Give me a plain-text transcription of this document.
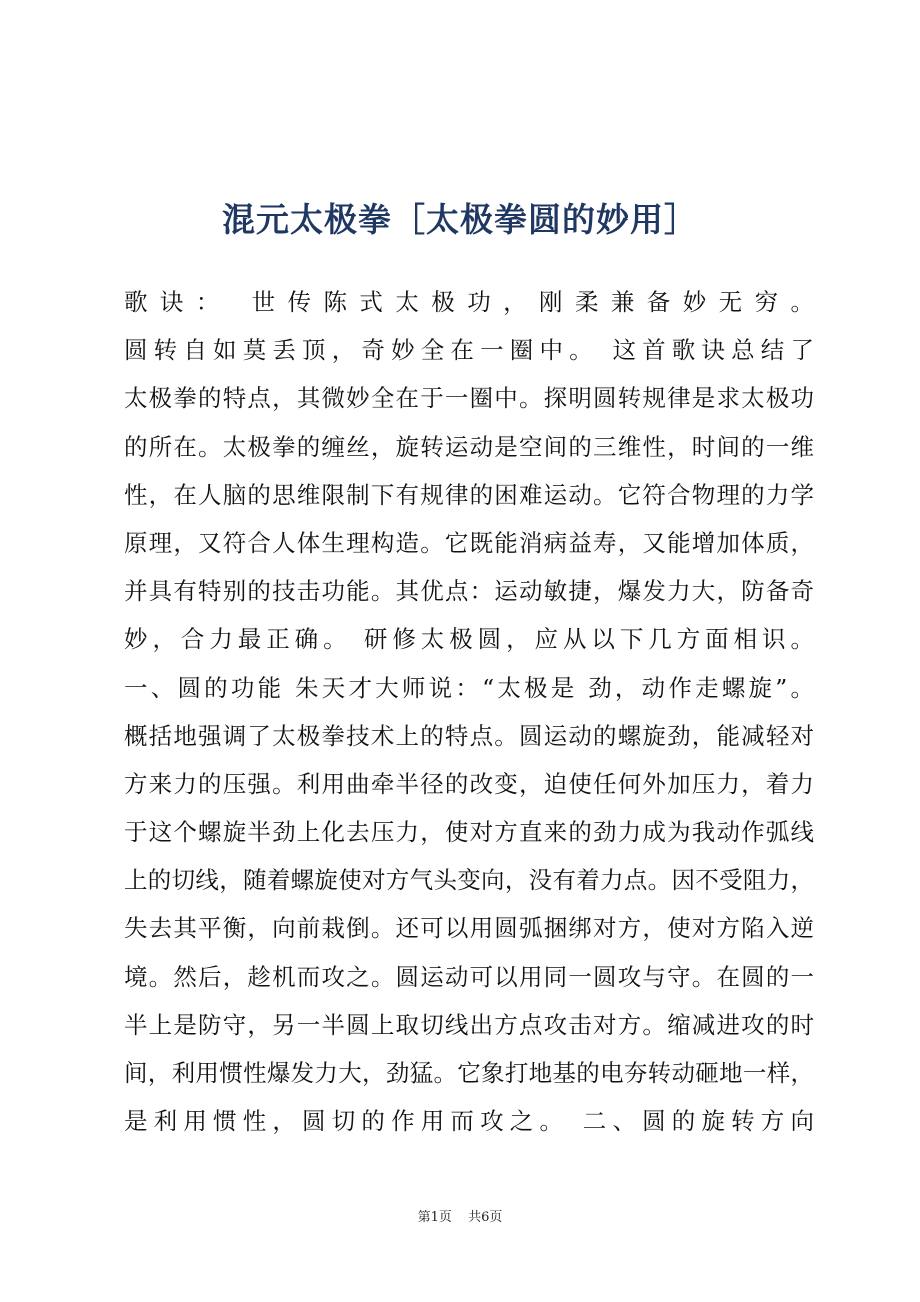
混元太极拳［太极拳圆的妙用］
歌诀： 世传陈式太极功，刚柔兼备妙无穷。
圆转自如莫丢顶，奇妙全在一圈中。 这首歌诀总结了
太极拳的特点，其微妙全在于一圈中。探明圆转规律是求太极功
的所在。太极拳的缠丝，旋转运动是空间的三维性，时间的一维
性，在人脑的思维限制下有规律的困难运动。它符合物理的力学
原理，又符合人体生理构造。它既能消病益寿，又能增加体质，
并具有特别的技击功能。其优点：运动敏捷，爆发力大，防备奇
妙，合力最正确。 研修太极圆，应从以下几方面相识。
一、圆的功能 朱天才大师说：“太极是 劲，动作走螺旋”。
概括地强调了太极拳技术上的特点。圆运动的螺旋劲，能减轻对
方来力的压强。利用曲牵半径的改变，迫使任何外加压力，着力
于这个螺旋半劲上化去压力，使对方直来的劲力成为我动作弧线
上的切线，随着螺旋使对方气头变向，没有着力点。因不受阻力，
失去其平衡，向前栽倒。还可以用圆弧捆绑对方，使对方陷入逆
境。然后，趁机而攻之。圆运动可以用同一圆攻与守。在圆的一
半上是防守，另一半圆上取切线出方点攻击对方。缩减进攻的时
间，利用惯性爆发力大，劲猛。它象打地基的电夯转动砸地一样，
是利用惯性，圆切的作用而攻之。 二、圆的旋转方向
第1页 共6页
